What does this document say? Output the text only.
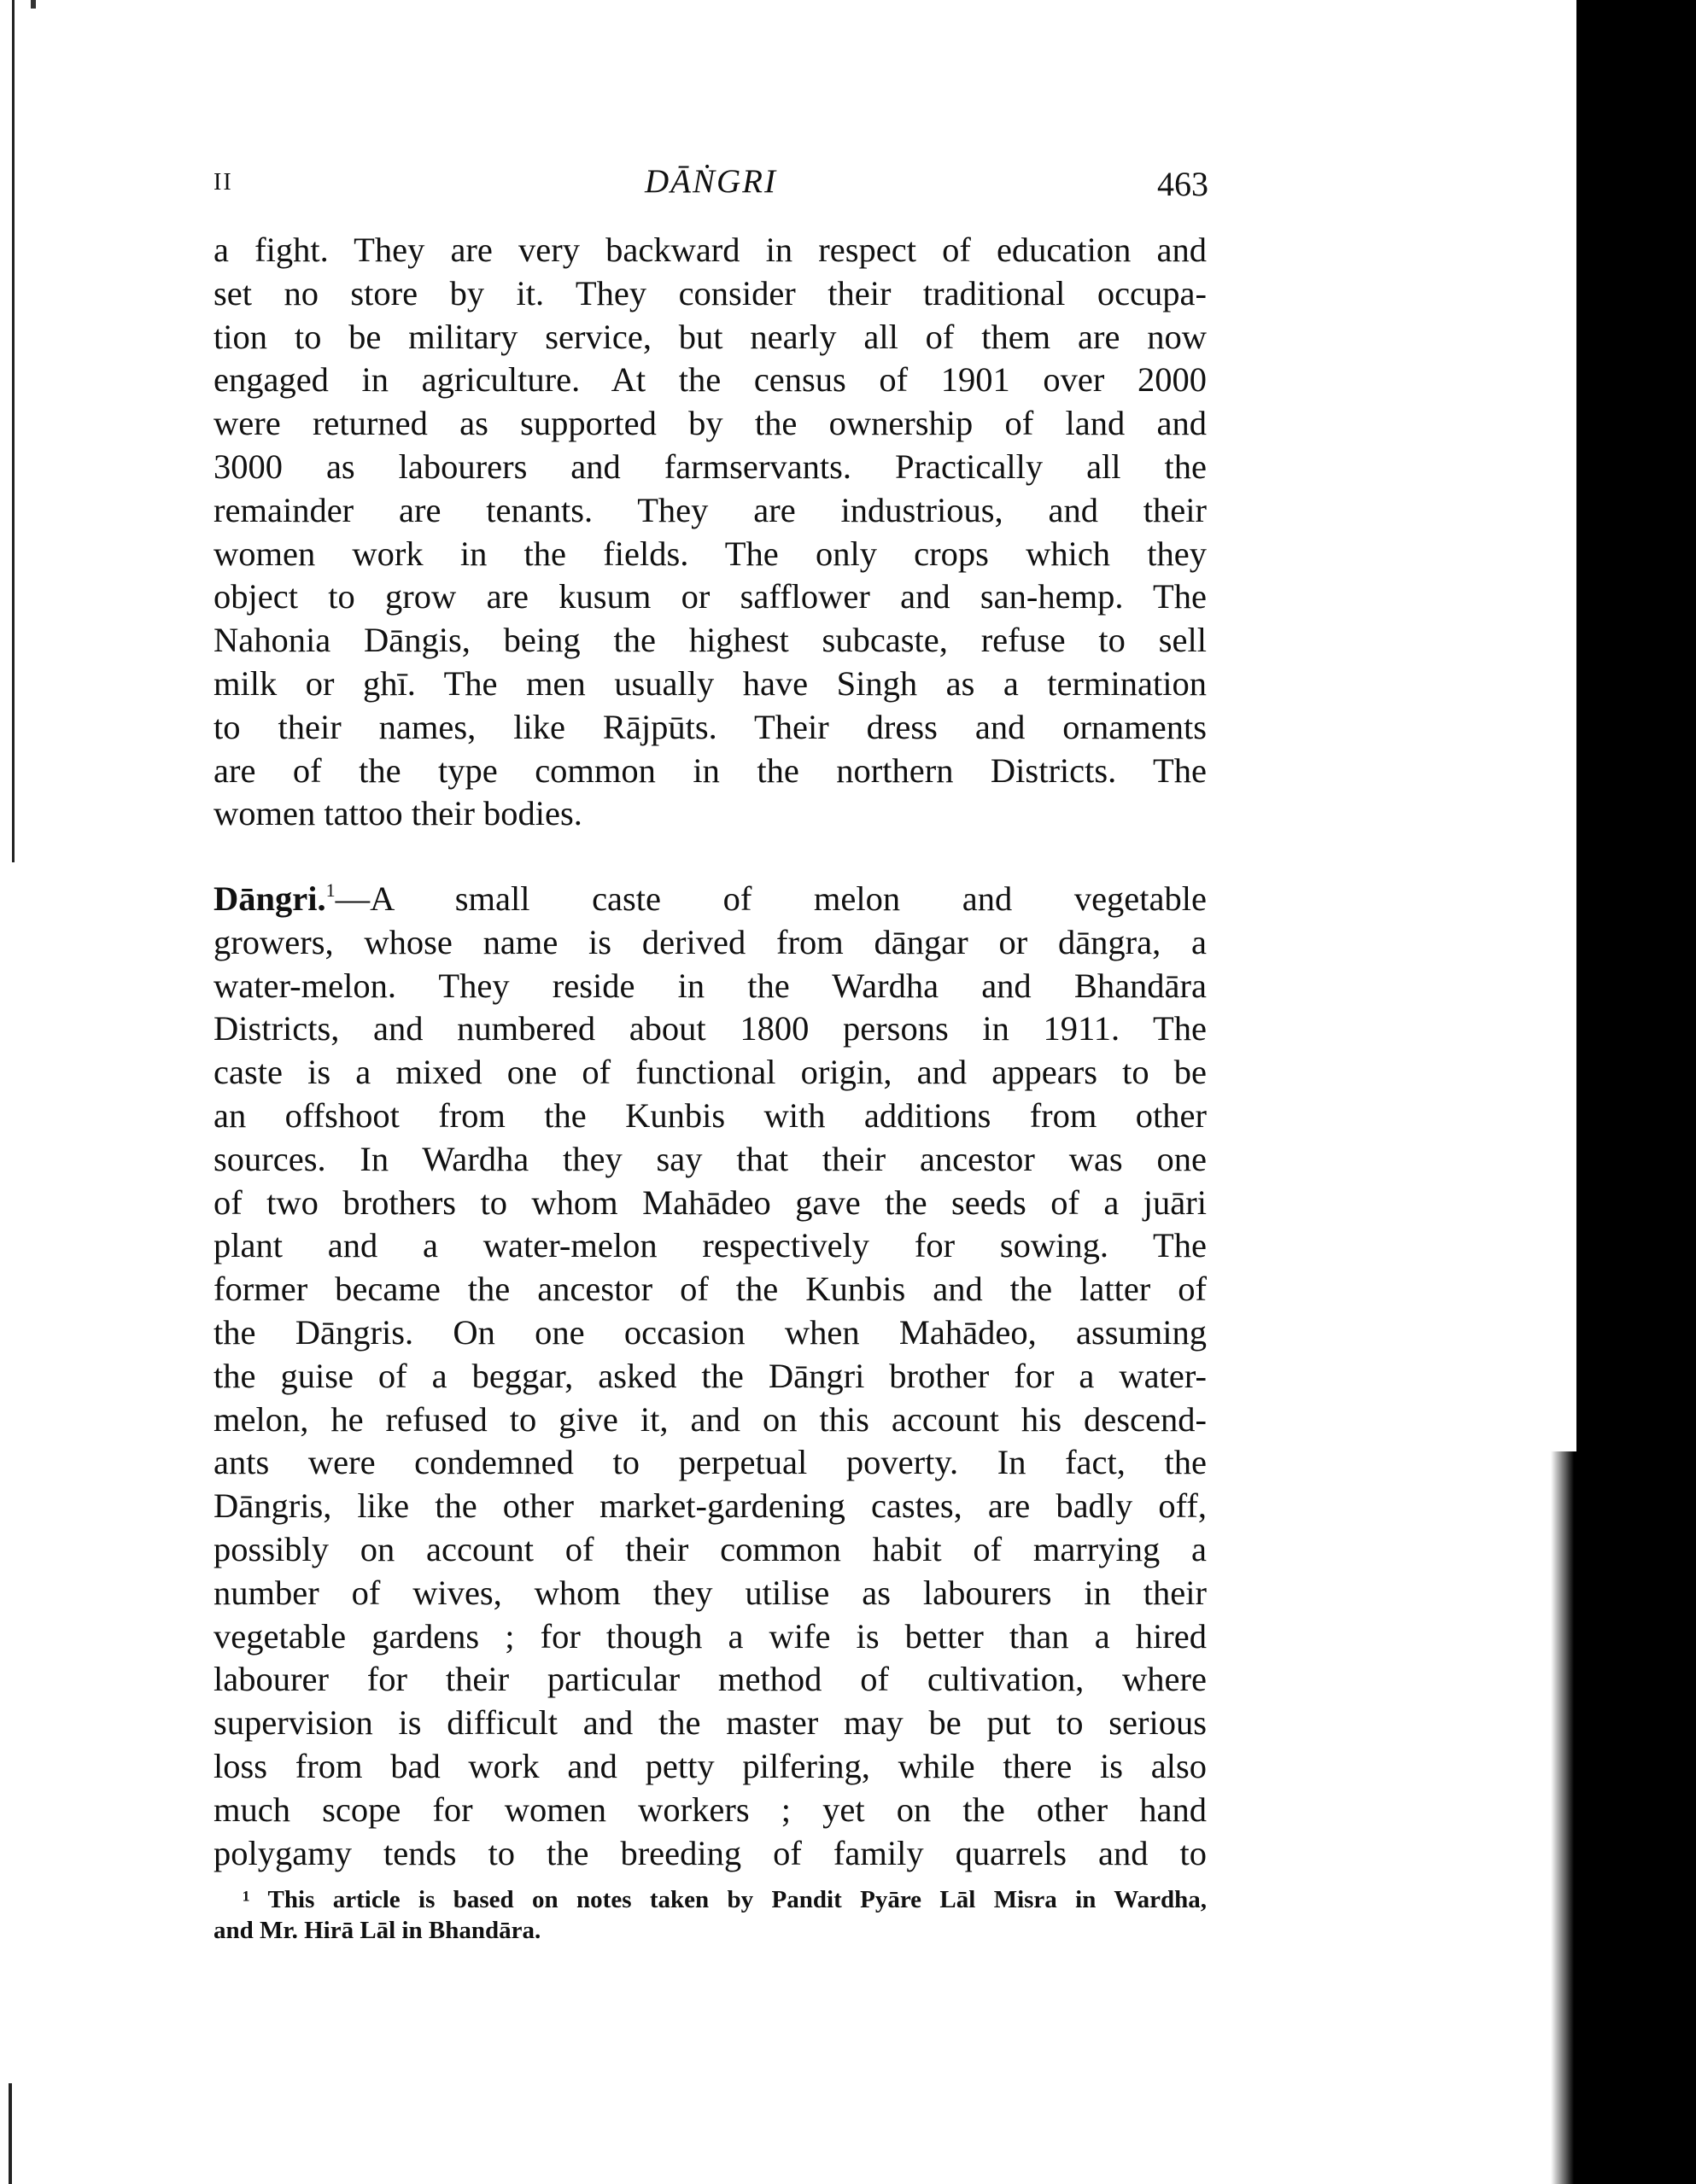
II	DĀṄGRI	463
a fight. They are very backward in respect of education and
set no store by it. They consider their traditional occupa-
tion to be military service, but nearly all of them are now
engaged in agriculture. At the census of 1901 over 2000
were returned as supported by the ownership of land and
3000 as labourers and farmservants. Practically all the
remainder are tenants. They are industrious, and their
women work in the fields. The only crops which they
object to grow are kusum or safflower and san-hemp. The
Nahonia Dāngis, being the highest subcaste, refuse to sell
milk or ghī. The men usually have Singh as a termination
to their names, like Rājpūts. Their dress and ornaments
are of the type common in the northern Districts. The
women tattoo their bodies.
Dāngri.$^1$—A small caste of melon and vegetable
growers, whose name is derived from dāngar or dāngra, a
water-melon. They reside in the Wardha and Bhandāra
Districts, and numbered about 1800 persons in 1911. The
caste is a mixed one of functional origin, and appears to be
an offshoot from the Kunbis with additions from other
sources. In Wardha they say that their ancestor was one
of two brothers to whom Mahādeo gave the seeds of a juāri
plant and a water-melon respectively for sowing. The
former became the ancestor of the Kunbis and the latter of
the Dāngris. On one occasion when Mahādeo, assuming
the guise of a beggar, asked the Dāngri brother for a water-
melon, he refused to give it, and on this account his descend-
ants were condemned to perpetual poverty. In fact, the
Dāngris, like the other market-gardening castes, are badly off,
possibly on account of their common habit of marrying a
number of wives, whom they utilise as labourers in their
vegetable gardens ; for though a wife is better than a hired
labourer for their particular method of cultivation, where
supervision is difficult and the master may be put to serious
loss from bad work and petty pilfering, while there is also
much scope for women workers ; yet on the other hand
polygamy tends to the breeding of family quarrels and to
¹ This article is based on notes taken by Pandit Pyāre Lāl Misra in Wardha,
and Mr. Hirā Lāl in Bhandāra.
